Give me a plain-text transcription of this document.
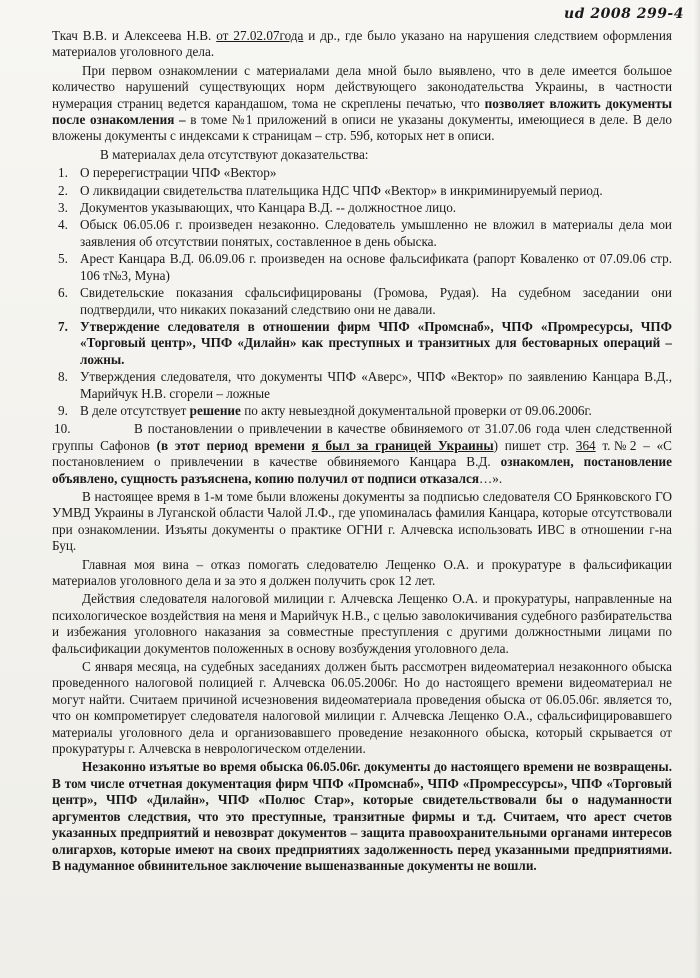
ud 2008 299-4

Ткач В.В. и Алексеева Н.В. от 27.02.07года и др., где было указано на нарушения следствием оформления материалов уголовного дела.

При первом ознакомлении с материалами дела мной было выявлено, что в деле имеется большое количество нарушений существующих норм действующего законодательства Украины, в частности нумерация страниц ведется карандашом, тома не скреплены печатью, что позволяет вложить документы после ознакомления – в томе №1 приложений в описи не указаны документы, имеющиеся в деле. В дело вложены документы с индексами к страницам – стр. 59б, которых нет в описи.

В материалах дела отсутствуют доказательства:

1. О перерегистрации ЧПФ «Вектор»
2. О ликвидации свидетельства плательщика НДС ЧПФ «Вектор» в инкриминируемый период.
3. Документов указывающих, что Канцара В.Д. -- должностное лицо.
4. Обыск 06.05.06 г. произведен незаконно. Следователь умышленно не вложил в материалы дела мои заявления об отсутствии понятых, составленное в день обыска.
5. Арест Канцара В.Д. 06.09.06 г. произведен на основе фальсификата (рапорт Коваленко от 07.09.06 стр. 106 т№3, Муна)
6. Свидетельские показания сфальсифицированы (Громова, Рудая). На судебном заседании они подтвердили, что никаких показаний следствию они не давали.
7. Утверждение следователя в отношении фирм ЧПФ «Промснаб», ЧПФ «Промресурсы, ЧПФ «Торговый центр», ЧПФ «Дилайн» как преступных и транзитных для бестоварных операций – ложны.
8. Утверждения следователя, что документы ЧПФ «Аверс», ЧПФ «Вектор» по заявлению Канцара В.Д., Марийчук Н.В. сгорели – ложные
9. В деле отсутствует решение по акту невыездной документальной проверки от 09.06.2006г.

10.	В постановлении о привлечении в качестве обвиняемого от 31.07.06 года член следственной группы Сафонов (в этот период времени я был за границей Украины) пишет стр. 364 т.№2 – «С постановлением о привлечении в качестве обвиняемого Канцара В.Д. ознакомлен, постановление объявлено, сущность разъяснена, копию получил от подписи отказался…».

В настоящее время в 1-м томе были вложены документы за подписью следователя СО Брянковского ГО УМВД Украины в Луганской области Чалой Л.Ф., где упоминалась фамилия Канцара, которые отсутствовали при ознакомлении. Изъяты документы о практике ОГНИ г. Алчевска использовать ИВС в отношении г-на Буц.

Главная моя вина – отказ помогать следователю Лещенко О.А. и прокуратуре в фальсификации материалов уголовного дела и за это я должен получить срок 12 лет.

Действия следователя налоговой милиции г. Алчевска Лещенко О.А. и прокуратуры, направленные на психологическое воздействия на меня и Марийчук Н.В., с целью заволокичивания судебного разбирательства и избежания уголовного наказания за совместные преступления с другими должностными лицами по фальсификации документов положенных в основу возбуждения уголовного дела.

С января месяца, на судебных заседаниях должен быть рассмотрен видеоматериал незаконного обыска проведенного налоговой полицией г. Алчевска 06.05.2006г. Но до настоящего времени видеоматериал не могут найти. Считаем причиной исчезновения видеоматериала проведения обыска от 06.05.06г. является то, что он компрометирует следователя налоговой милиции г. Алчевска Лещенко О.А., сфальсифицировавшего материалы уголовного дела и организовавшего проведение незаконного обыска, который скрывается от прокуратуры г. Алчевска в неврологическом отделении.

Незаконно изъятые во время обыска 06.05.06г. документы до настоящего времени не возвращены. В том числе отчетная документация фирм ЧПФ «Промснаб», ЧПФ «Промрессурсы», ЧПФ «Торговый центр», ЧПФ «Дилайн», ЧПФ «Полюс Стар», которые свидетельствовали бы о надуманности аргументов следствия, что это преступные, транзитные фирмы и т.д. Считаем, что арест счетов указанных предприятий и невозврат документов – защита правоохранительными органами интересов олигархов, которые имеют на своих предприятиях задолженность перед указанными предприятиями. В надуманное обвинительное заключение вышеназванные документы не вошли.
